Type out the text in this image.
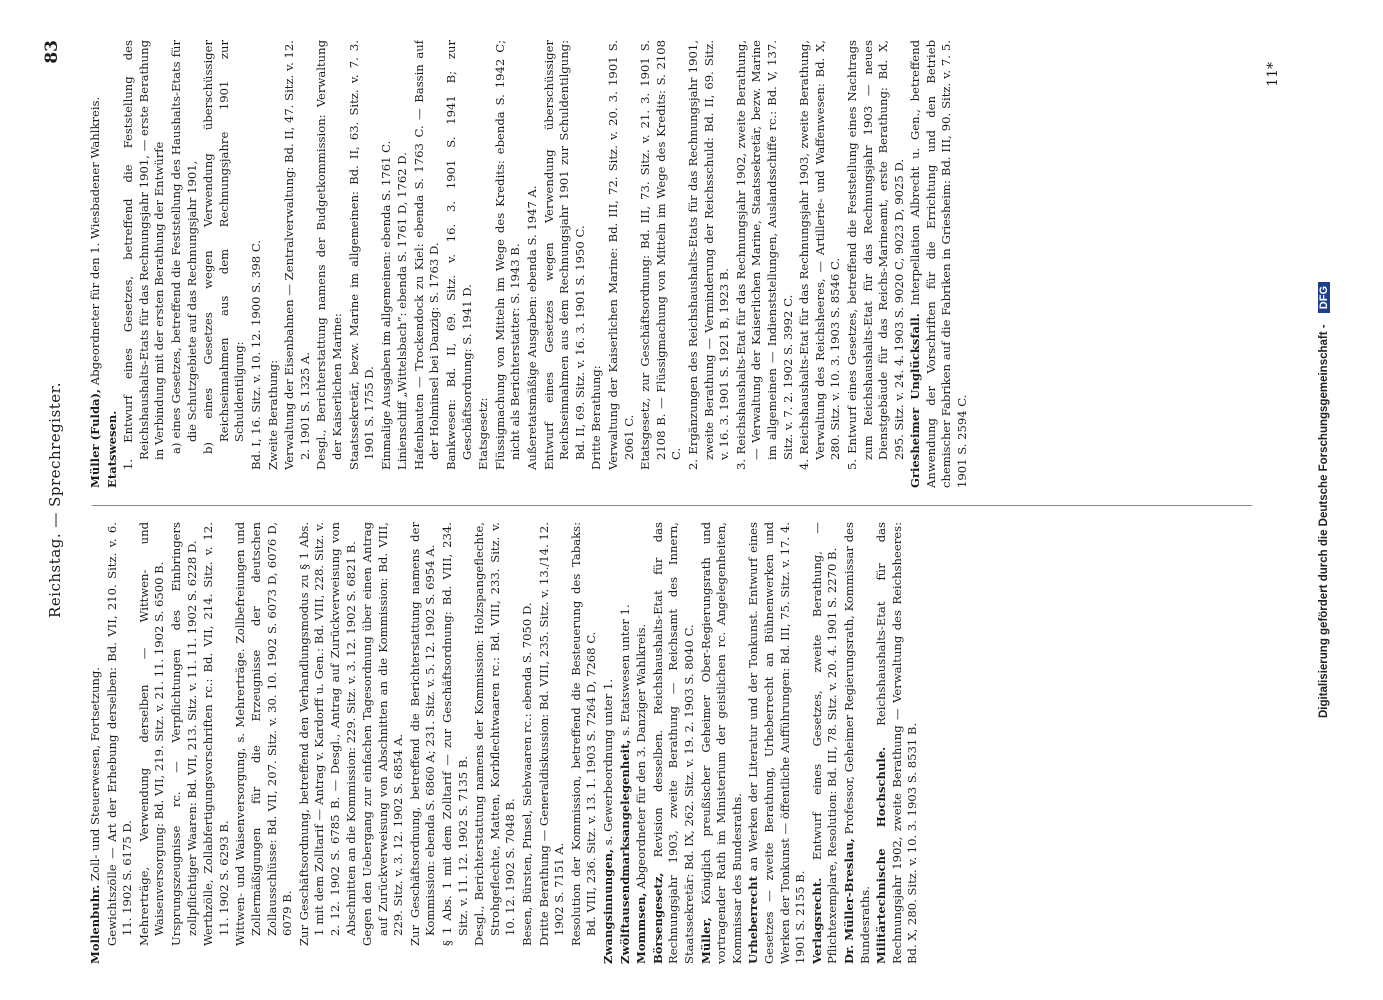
Reichstag. — Sprechregister.
83
Mollenbuhr. Zoll- und Steuerwesen, Fortsetzung. Gewichtszölle — Art der Erhebung derselben: Bd. VII, 210. Sitz. v. 6. 11. 1902 S. 6175 D. Mehrerträge, Verwendung derselben — Wittwen- und Waisenversorgung: Bd. VII, 219. Sitz. v. 21. 11. 1902 S. 6500 B. Ursprungszeugnisse rc. — Verpflichtungen des Einbringers zollpflichtiger Waaren: Bd. VII, 213. Sitz. v. 11. 11. 1902 S. 6228 D. Werthzölle, Zollabfertigungsvorschriften rc.: Bd. VII, 214. Sitz. v. 12. 11. 1902 S. 6293 B. Wittwen- und Waisenversorgung, s. Mehrerträge. Zollbefreiungen und Zollermäßigungen für die Erzeugnisse der deutschen Zollausschlüsse: Bd. VII, 207. Sitz. v. 30. 10. 1902 S. 6073 D, 6076 D, 6079 B. Zur Geschäftsordnung, betreffend den Verhandlungsmodus zu § 1 Abs. 1 mit dem Zolltarif — Antrag v. Kardorff u. Gen.: Bd. VIII, 228. Sitz. v. 2. 12. 1902 S. 6785 B. — Desgl., Antrag auf Zurückverweisung von Abschnitten an die Kommission: 229. Sitz. v. 3. 12. 1902 S. 6821 B. Gegen den Uebergang zur einfachen Tagesordnung über einen Antrag auf Zurückverweisung von Abschnitten an die Kommission: Bd. VIII, 229. Sitz. v. 3. 12. 1902 S. 6854 A. Zur Geschäftsordnung, betreffend die Berichterstattung namens der Kommission: ebenda S. 6860 A; 231. Sitz. v. 5. 12. 1902 S. 6954 A. § 1 Abs. 1 mit dem Zolltarif — zur Geschäftsordnung: Bd. VIII, 234. Sitz. v. 11. 12. 1902 S. 7135 B. Desgl., Berichterstattung namens der Kommission: Holzspangeflechte, Strohgeflechte, Matten, Korbflechtwaaren rc.: Bd. VIII, 233. Sitz. v. 10. 12. 1902 S. 7048 B. Besen, Bürsten, Pinsel, Siebwaaren rc.: ebenda S. 7050 D. Dritte Berathung — Generaldiskussion: Bd. VIII, 235. Sitz. v. 13./14. 12. 1902 S. 7151 A. Resolution der Kommission, betreffend die Besteuerung des Tabaks: Bd. VIII, 236. Sitz. v. 13. 1. 1903 S. 7264 D, 7268 C. Zwangsinnungen, s. Gewerbeordnung unter 1. Zwölftausendmarksangelegenheit, s. Etatswesen unter 1.
Mommsen, Abgeordneter für den 3. Danziger Wahlkreis.
Börsengesetz, Revision desselben. Reichshaushalts-Etat für das Rechnungsjahr 1903, zweite Berathung — Reichsamt des Innern, Staatssekretär: Bd. IX, 262. Sitz. v. 19. 2. 1903 S. 8040 C. Müller, Königlich preußischer Geheimer Ober-Regierungsrath und vortragender Rath im Ministerium der geistlichen rc. Angelegenheiten, Kommissar des Bundesraths. Urheberrecht an Werken der Literatur und der Tonkunst. Entwurf eines Gesetzes — zweite Berathung, Urheberrecht an Bühnenwerken und Werken der Tonkunst — öffentliche Aufführungen: Bd. III, 75. Sitz. v. 17. 4. 1901 S. 2155 B. Verlagsrecht. Entwurf eines Gesetzes, zweite Berathung, — Pflichtexemplare, Resolution: Bd. III, 78. Sitz. v. 20. 4. 1901 S. 2270 B. Dr. Müller-Breslau, Professor, Geheimer Regierungsrath, Kommissar des Bundesraths. Militärtechnische Hochschule. Reichshaushalts-Etat für das Rechnungsjahr 1902, zweite Berathung — Verwaltung des Reichsheeres: Bd. X, 280. Sitz. v. 10. 3. 1903 S. 8531 B.
Müller (Fulda), Abgeordneter für den 1. Wiesbadener Wahlkreis.
Etatswesen. 1. Entwurf eines Gesetzes, betreffend die Feststellung des Reichshaushalts-Etats für das Rechnungsjahr 1901, — erste Berathung in Verbindung mit der ersten Berathung der Entwürfe a) eines Gesetzes, betreffend die Feststellung des Haushalts-Etats für die Schutzgebiete auf das Rechnungsjahr 1901, b) eines Gesetzes wegen Verwendung überschüssiger Reichseinnahmen aus dem Rechnungsjahre 1901 zur Schuldentilgung: Bd. I, 16. Sitz. v. 10. 12. 1900 S. 398 C. Zweite Berathung: Verwaltung der Eisenbahnen — Zentralverwaltung: Bd. II, 47. Sitz. v. 12. 2. 1901 S. 1325 A. Desgl., Berichterstattung namens der Budgetkommission: Verwaltung der Kaiserlichen Marine: Staatssekretär, bezw. Marine im allgemeinen: Bd. II, 63. Sitz. v. 7. 3. 1901 S. 1755 D. Einmalige Ausgaben im allgemeinen: ebenda S. 1761 C. Linienschiff „Wittelsbach“: ebenda S. 1761 D, 1762 D. Hafenbauten — Trockendock zu Kiel: ebenda S. 1763 C. — Bassin auf der Holminsel bei Danzig: S. 1763 D. Bankwesen: Bd. II, 69. Sitz. v. 16. 3. 1901 S. 1941 B; zur Geschäftsordnung: S. 1941 D. Etatsgesetz: Flüssigmachung von Mitteln im Wege des Kredits: ebenda S. 1942 C; nicht als Berichterstatter: S. 1943 B. Außeretatsmäßige Ausgaben: ebenda S. 1947 A. Entwurf eines Gesetzes wegen Verwendung überschüssiger Reichseinnahmen aus dem Rechnungsjahr 1901 zur Schuldentilgung: Bd. II, 69. Sitz. v. 16. 3. 1901 S. 1950 C. Dritte Berathung: Verwaltung der Kaiserlichen Marine: Bd. III, 72. Sitz. v. 20. 3. 1901 S. 2061 C. Etatsgesetz, zur Geschäftsordnung: Bd. III, 73. Sitz. v. 21. 3. 1901 S. 2108 B. — Flüssigmachung von Mitteln im Wege des Kredits: S. 2108 C. 2. Ergänzungen des Reichshaushalts-Etats für das Rechnungsjahr 1901, zweite Berathung — Verminderung der Reichsschuld: Bd. II, 69. Sitz. v. 16. 3. 1901 S. 1921 B, 1923 B. 3. Reichshaushalts-Etat für das Rechnungsjahr 1902, zweite Berathung, — Verwaltung der Kaiserlichen Marine, Staatssekretär, bezw. Marine im allgemeinen — Indienststellungen, Auslandsschiffe rc.: Bd. V, 137. Sitz. v. 7. 2. 1902 S. 3992 C. 4. Reichshaushalts-Etat für das Rechnungsjahr 1903, zweite Berathung, Verwaltung des Reichsheeres, — Artillerie- und Waffenwesen: Bd. X, 280. Sitz. v. 10. 3. 1903 S. 8546 C. 5. Entwurf eines Gesetzes, betreffend die Feststellung eines Nachtrags zum Reichshaushalts-Etat für das Rechnungsjahr 1903 — neues Dienstgebäude für das Reichs-Marineamt, erste Berathung: Bd. X, 295. Sitz. v. 24. 4. 1903 S. 9020 C, 9023 D, 9025 D. Griesheimer Unglücksfall. Interpellation Albrecht u. Gen., betreffend Anwendung der Vorschriften für die Errichtung und den Betrieb chemischer Fabriken auf die Fabriken in Griesheim: Bd. III, 90. Sitz. v. 7. 5. 1901 S. 2594 C.
11*
Digitalisierung gefördert durch die Deutsche Forschungsgemeinschaft - DFG
